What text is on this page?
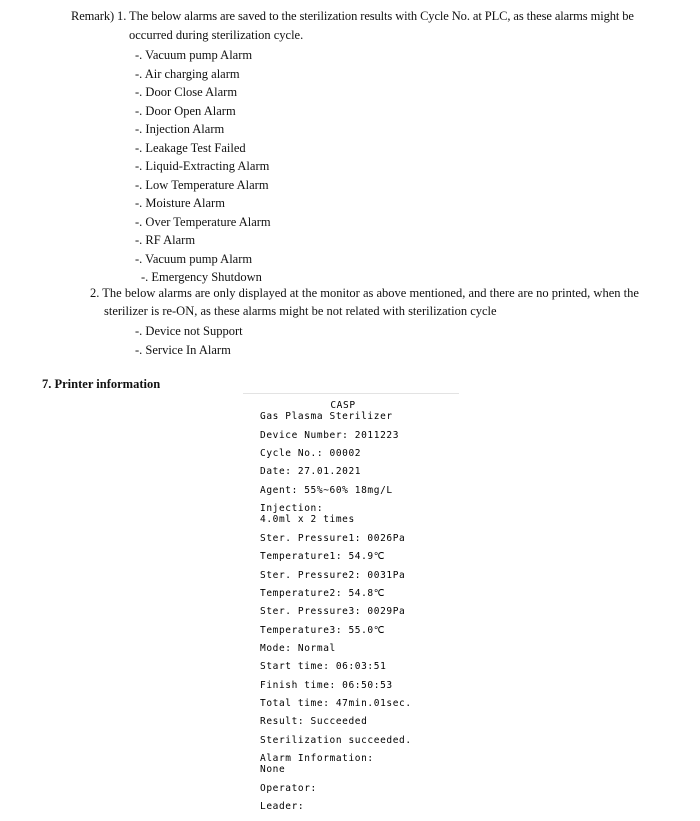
Remark) 1. The below alarms are saved to the sterilization results with Cycle No. at PLC, as these alarms might be
occurred during sterilization cycle.
-. Vacuum pump Alarm
-. Air charging alarm
-. Door Close Alarm
-. Door Open Alarm
-. Injection Alarm
-. Leakage Test Failed
-. Liquid-Extracting Alarm
-. Low Temperature Alarm
-. Moisture Alarm
-. Over Temperature Alarm
-. RF Alarm
-. Vacuum pump Alarm
-. Emergency Shutdown
2. The below alarms are only displayed at the monitor as above mentioned, and there are no printed, when the
sterilizer is re-ON, as these alarms might be not related with sterilization cycle
-. Device not Support
-. Service In Alarm
7. Printer information
CASP
Gas Plasma Sterilizer
Device Number: 2011223
Cycle No.: 00002
Date: 27.01.2021
Agent: 55%~60% 18mg/L
Injection:
4.0ml x 2 times
Ster. Pressure1: 0026Pa
Temperature1: 54.9℃
Ster. Pressure2: 0031Pa
Temperature2: 54.8℃
Ster. Pressure3: 0029Pa
Temperature3: 55.0℃
Mode: Normal
Start time: 06:03:51
Finish time: 06:50:53
Total time: 47min.01sec.
Result: Succeeded
Sterilization succeeded.
Alarm Information:
None
Operator:
Leader:
